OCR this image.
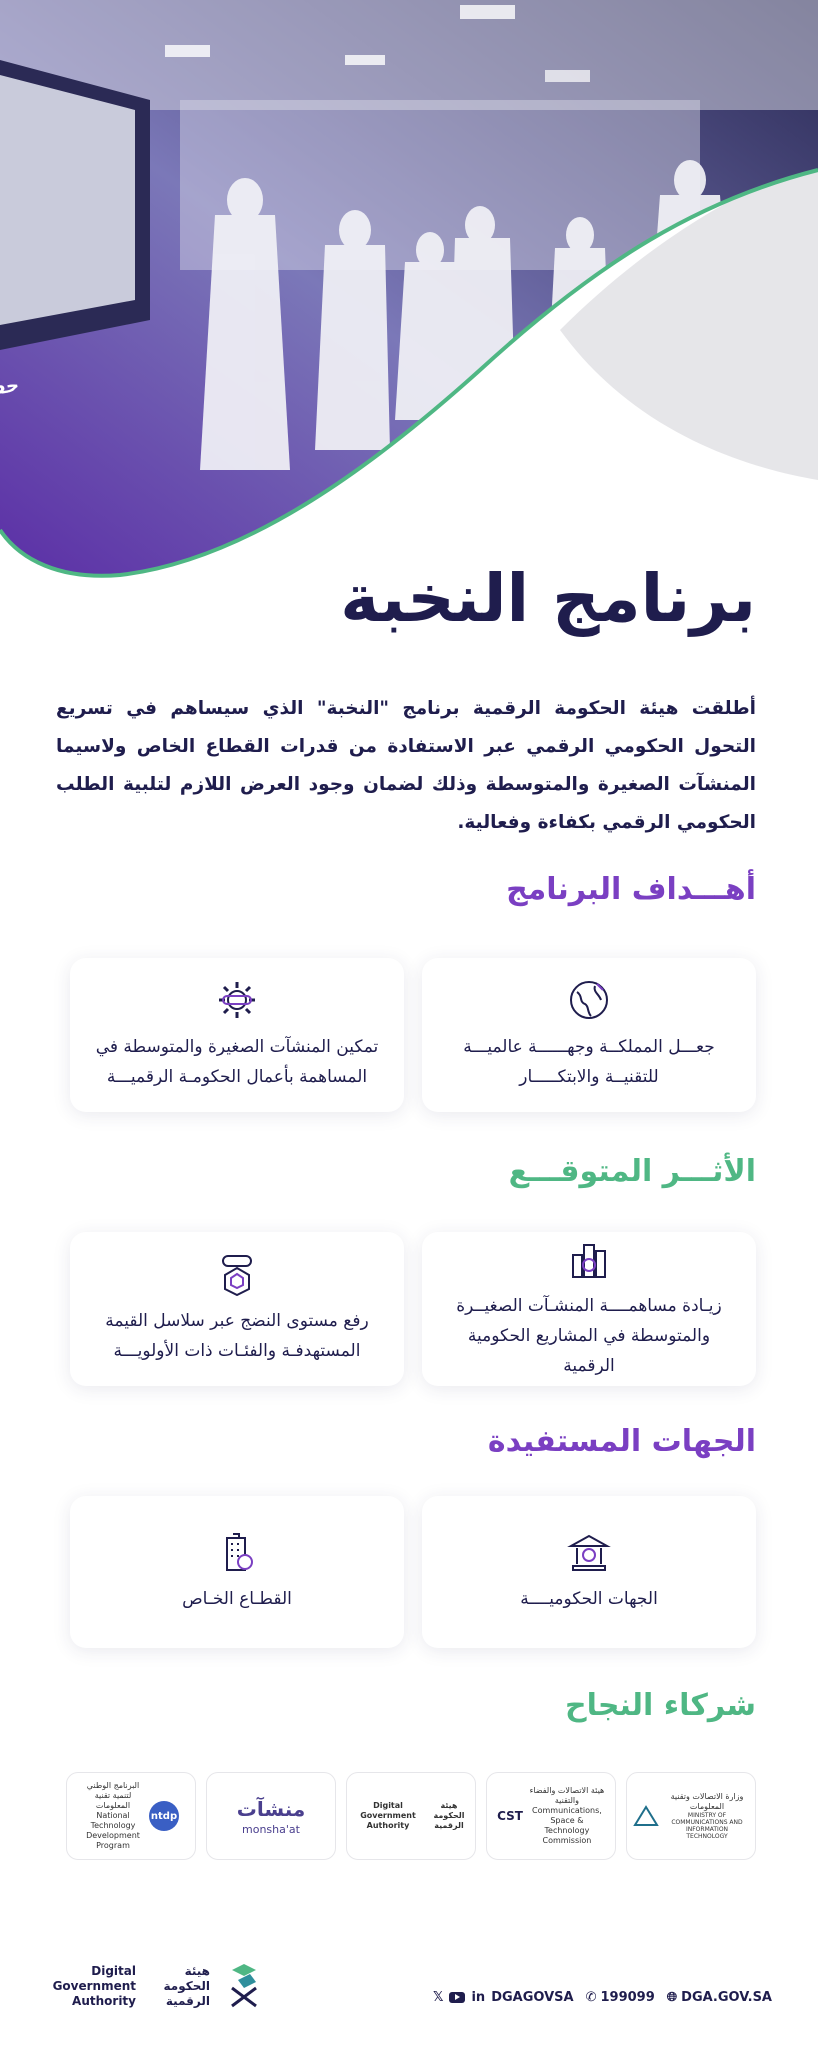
برنامج النخبة

أطلقت هيئة الحكومة الرقمية برنامج "النخبة" الذي سيساهم في تسريع التحول الحكومي الرقمي عبر الاستفادة من قدرات القطاع الخاص ولاسيما المنشآت الصغيرة والمتوسطة وذلك لضمان وجود العرض اللازم لتلبية الطلب الحكومي الرقمي بكفاءة وفعالية.

أهـــداف البرنامج
جعـــل المملكــة وجهــــــة عالميـــة للتقنيــة والابتكـــــار
تمكين المنشآت الصغيرة والمتوسطة في المساهمة بأعمال الحكومـة الرقميـــة
الأثـــر المتوقـــع
زيـادة مساهمــــة المنشـآت الصغيــرة والمتوسطة في المشاريع الحكومية الرقمية
رفع مستوى النضج عبر سلاسل القيمة المستهدفـة والفئـات ذات الأولويـــة
الجهات المستفيدة
الجهات الحكوميــــة
القطـاع الخـاص
شركاء النجاح
البرنامج الوطني لتنمية تقنية المعلومات National Technology Development Program
ntdp	منشآت
monsha'at
Digital Government Authority
هيئة الحكومة الرقمية
CST
هيئة الاتصالات والفضاء والتقنية Communications, Space & Technology Commission
وزارة الاتصالات وتقنية المعلومات
MINISTRY OF COMMUNICATIONS AND INFORMATION TECHNOLOGY
Digital Government Authority
هيئة الحكومة الرقمية	𝕏 in DGAGOVSA ✆ 199099 🌐︎ DGA.GOV.SA
